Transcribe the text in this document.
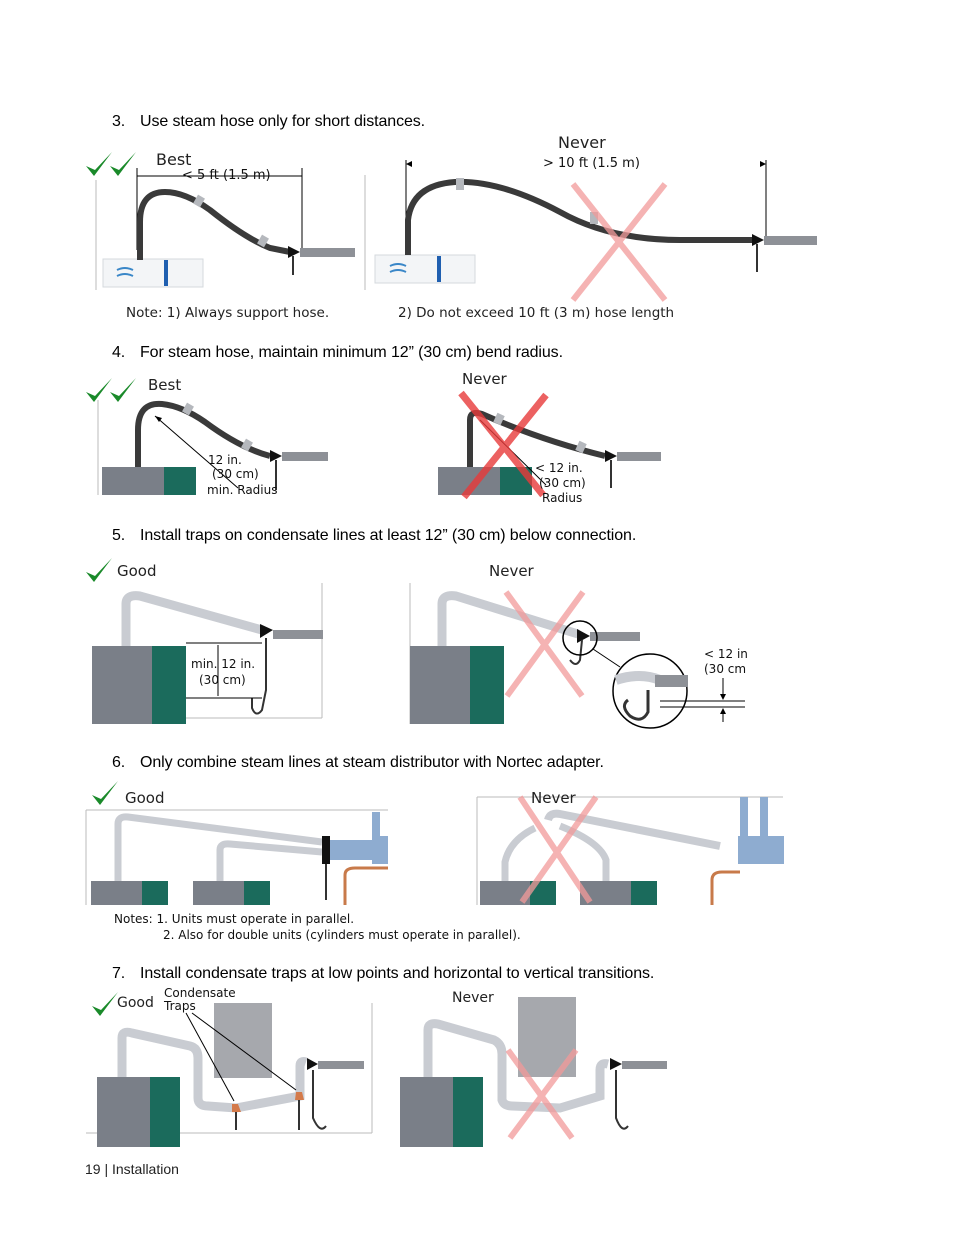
3. Use steam hose only for short distances.
4. For steam hose, maintain minimum 12” (30 cm) bend radius.
5. Install traps on condensate lines at least 12” (30 cm) below connection.
6. Only combine steam lines at steam distributor with Nortec adapter.
7. Install condensate traps at low points and horizontal to vertical transitions.
Best
< 5 ft (1.5 m)
Never
> 10 ft (1.5 m)
Note: 1) Always support hose.	2) Do not exceed 10 ft (3 m) hose length
Best
12 in.
(30 cm)
min. Radius
Never
< 12 in.
(30 cm)
Radius
Good
min. 12 in.
(30 cm)
Never
< 12 in
(30 cm
Good	Never
Notes: 1. Units must operate in parallel.
2. Also for double units (cylinders must operate in parallel).
Good
Condensate
Traps	Never
19 | Installation
